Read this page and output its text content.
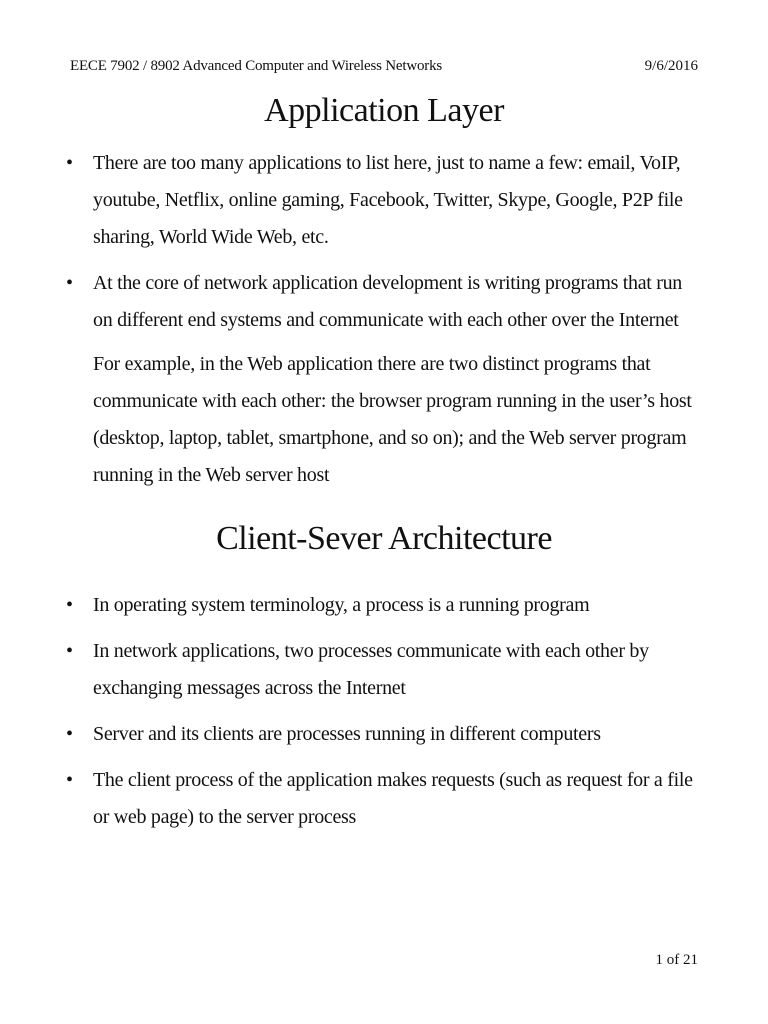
EECE 7902 / 8902 Advanced Computer and Wireless Networks	9/6/2016
Application Layer
• There are too many applications to list here, just to name a few: email, VoIP, youtube, Netflix, online gaming, Facebook, Twitter, Skype, Google, P2P file sharing, World Wide Web, etc.
• At the core of network application development is writing programs that run on different end systems and communicate with each other over the Internet
For example, in the Web application there are two distinct programs that communicate with each other: the browser program running in the user’s host (desktop, laptop, tablet, smartphone, and so on); and the Web server program running in the Web server host
Client-Sever Architecture
• In operating system terminology, a process is a running program
• In network applications, two processes communicate with each other by exchanging messages across the Internet
• Server and its clients are processes running in different computers
• The client process of the application makes requests (such as request for a file or web page) to the server process
1 of 21
